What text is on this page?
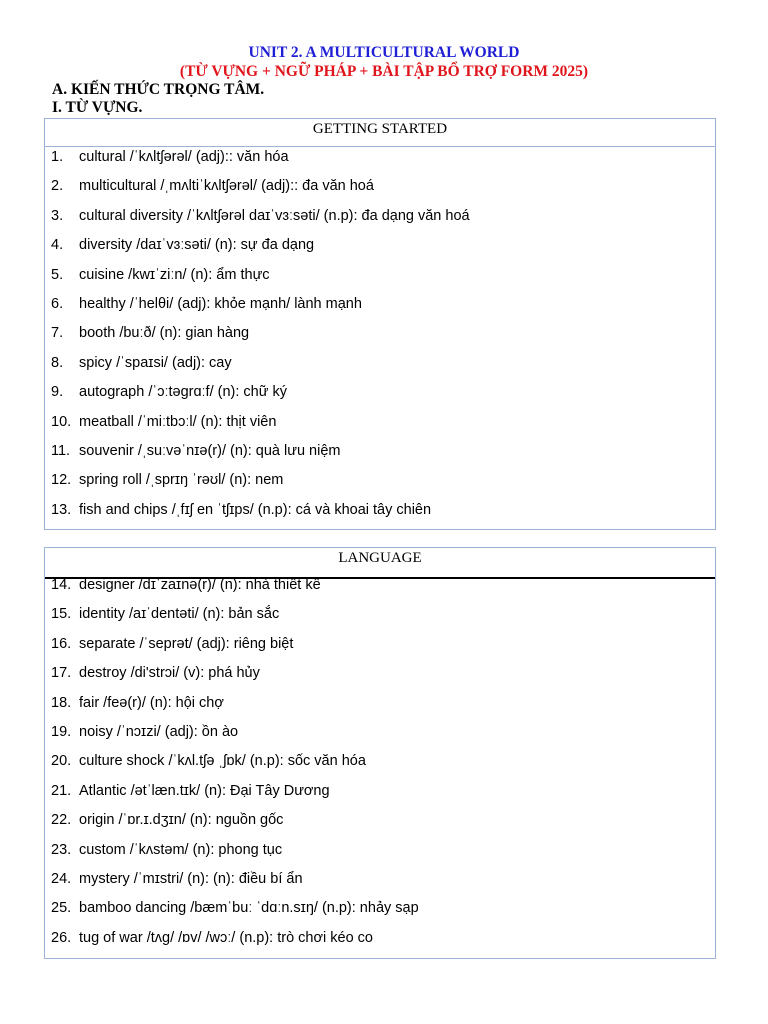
UNIT 2. A MULTICULTURAL WORLD
(TỪ VỰNG + NGỮ PHÁP + BÀI TẬP BỔ TRỢ FORM 2025)
A. KIẾN THỨC TRỌNG TÂM.
I. TỪ VỰNG.
GETTING STARTED
1. cultural /ˈkʌltʃərəl/ (adj):: văn hóa
2. multicultural /ˌmʌltiˈkʌltʃərəl/ (adj):: đa văn hoá
3. cultural diversity /ˈkʌltʃərəl daɪˈvɜːsəti/ (n.p): đa dạng văn hoá
4. diversity /daɪˈvɜːsəti/ (n): sự đa dạng
5. cuisine /kwɪˈziːn/ (n): ẩm thực
6. healthy /ˈhelθi/ (adj): khỏe mạnh/ lành mạnh
7. booth /buːð/ (n): gian hàng
8. spicy /ˈspaɪsi/ (adj): cay
9. autograph /ˈɔːtəɡrɑːf/ (n): chữ ký
10. meatball /ˈmiːtbɔːl/ (n): thịt viên
11. souvenir /ˌsuːvəˈnɪə(r)/ (n): quà lưu niệm
12. spring roll /ˌsprɪŋ ˈrəʊl/ (n): nem
13. fish and chips /ˌfɪʃ en ˈtʃɪps/ (n.p): cá và khoai tây chiên
LANGUAGE
14. designer /dɪˈzaɪnə(r)/ (n): nhà thiết kế
15. identity /aɪˈdentəti/ (n): bản sắc
16. separate /ˈseprət/ (adj): riêng biệt
17. destroy /di'strɔi/ (v): phá hủy
18. fair /feə(r)/ (n): hội chợ
19. noisy /ˈnɔɪzi/ (adj): ồn ào
20. culture shock /ˈkʌl.tʃə ˌʃɒk/ (n.p): sốc văn hóa
21. Atlantic /ətˈlæn.tɪk/ (n): Đại Tây Dương
22. origin /ˈɒr.ɪ.dʒɪn/ (n): nguồn gốc
23. custom /ˈkʌstəm/ (n): phong tục
24. mystery /ˈmɪstri/ (n): (n): điều bí ẩn
25. bamboo dancing /bæmˈbuː ˈdɑːn.sɪŋ/ (n.p): nhảy sạp
26. tug of war /tʌɡ/ /ɒv/ /wɔː/ (n.p): trò chơi kéo co
